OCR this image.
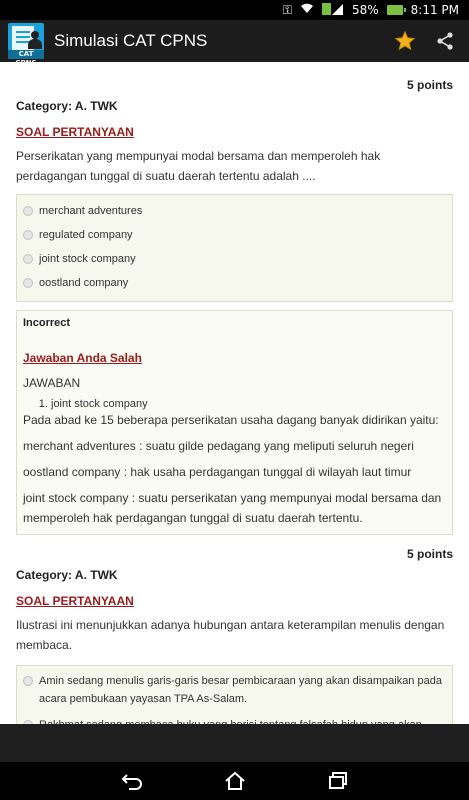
⚿	58%	8:11 PM
CAT
Simulasi CAT CPNS
5 points
Category: A. TWK
SOAL PERTANYAAN
Perserikatan yang mempunyai modal bersama dan memperoleh hak perdagangan tunggal di suatu daerah tertentu adalah ....
merchant adventures
regulated company
joint stock company
oostland company
Incorrect
Jawaban Anda Salah
JAWABAN
1. joint stock company
Pada abad ke 15 beberapa perserikatan usaha dagang banyak didirikan yaitu:
merchant adventures : suatu gilde pedagang yang meliputi seluruh negeri
oostland company : hak usaha perdagangan tunggal di wilayah laut timur
joint stock company : suatu perserikatan yang mempunyai modal bersama dan memperoleh hak perdagangan tunggal di suatu daerah tertentu.
5 points
Category: A. TWK
SOAL PERTANYAAN
Ilustrasi ini menunjukkan adanya hubungan antara keterampilan menulis dengan membaca.
Amin sedang menulis garis-garis besar pembicaraan yang akan disampaikan pada acara pembukaan yayasan TPA As-Salam.
